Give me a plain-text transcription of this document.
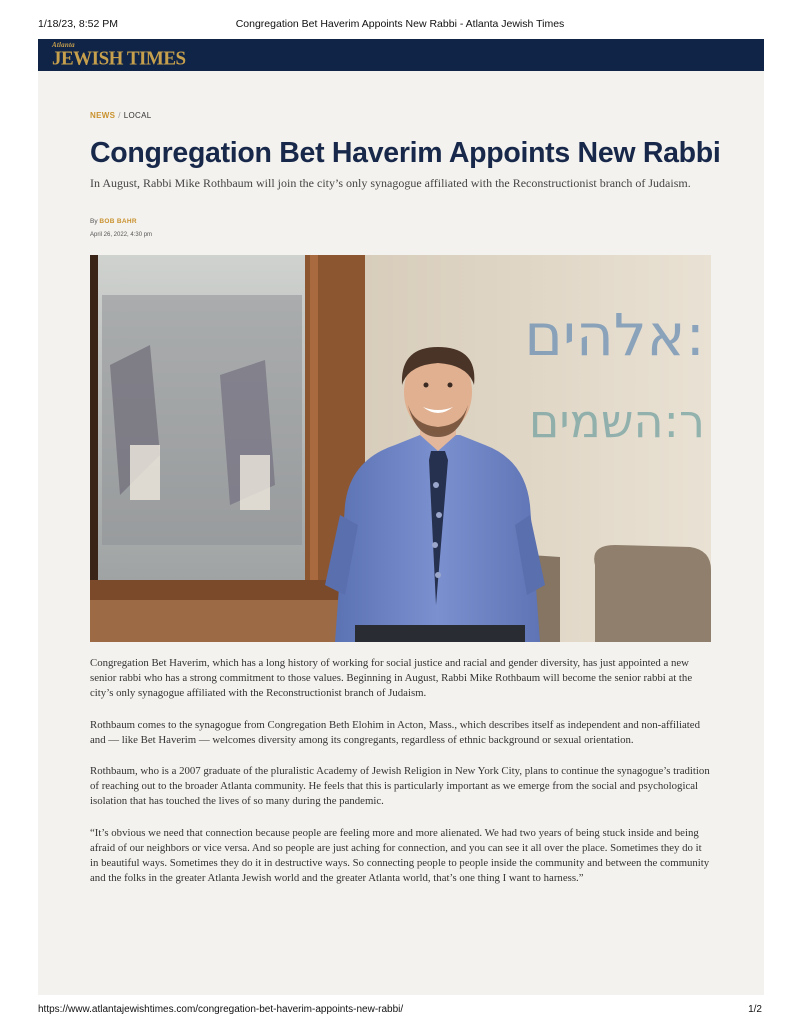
1/18/23, 8:52 PM	Congregation Bet Haverim Appoints New Rabbi - Atlanta Jewish Times
Atlanta
JEWISH TIMES
NEWS / LOCAL
Congregation Bet Haverim Appoints New Rabbi

In August, Rabbi Mike Rothbaum will join the city’s only synagogue affiliated with the Reconstructionist branch of Judaism.

By BOB BAHR
April 26, 2022, 4:30 pm
אלהים:
ר:השמים

Congregation Bet Haverim, which has a long history of working for social justice and racial and gender diversity, has just appointed a new senior rabbi who has a strong commitment to those values. Beginning in August, Rabbi Mike Rothbaum will become the senior rabbi at the city’s only synagogue affiliated with the Reconstructionist branch of Judaism.

Rothbaum comes to the synagogue from Congregation Beth Elohim in Acton, Mass., which describes itself as independent and non-affiliated and — like Bet Haverim — welcomes diversity among its congregants, regardless of ethnic background or sexual orientation.

Rothbaum, who is a 2007 graduate of the pluralistic Academy of Jewish Religion in New York City, plans to continue the synagogue’s tradition of reaching out to the broader Atlanta community. He feels that this is particularly important as we emerge from the social and psychological isolation that has touched the lives of so many during the pandemic.

“It’s obvious we need that connection because people are feeling more and more alienated. We had two years of being stuck inside and being afraid of our neighbors or vice versa. And so people are just aching for connection, and you can see it all over the place. Sometimes they do it in beautiful ways. Sometimes they do it in destructive ways. So connecting people to people inside the community and between the community and the folks in the greater Atlanta Jewish world and the greater Atlanta world, that’s one thing I want to harness.”

https://www.atlantajewishtimes.com/congregation-bet-haverim-appoints-new-rabbi/	1/2
